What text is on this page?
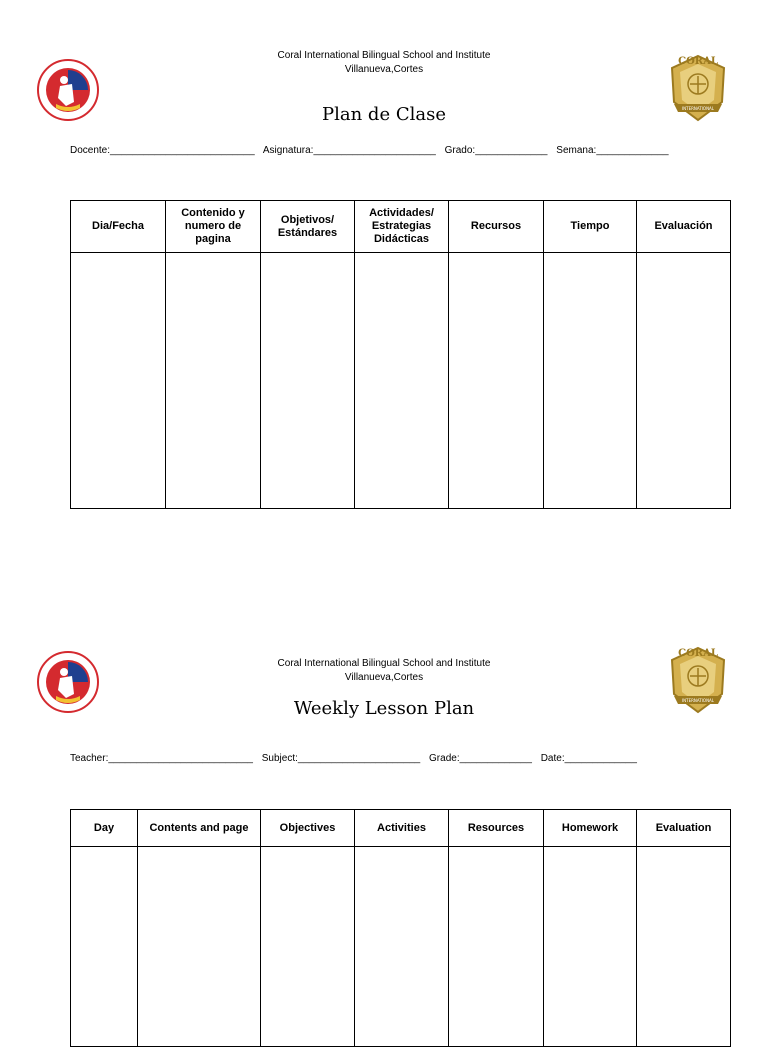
Coral International Bilingual School and Institute
Villanueva,Cortes
CORAL
INTERNATIONAL
Plan de Clase
Docente:__________________________ Asignatura:______________________ Grado:_____________ Semana:_____________
Dia/Fecha	Contenido y numero de pagina	Objetivos/ Estándares	Actividades/ Estrategias Didácticas	Recursos	Tiempo	Evaluación

Coral International Bilingual School and Institute
Villanueva,Cortes
CORAL
INTERNATIONAL
Weekly Lesson Plan
Teacher:__________________________ Subject:______________________ Grade:_____________ Date:_____________
Day	Contents and page	Objectives	Activities	Resources	Homework	Evaluation
